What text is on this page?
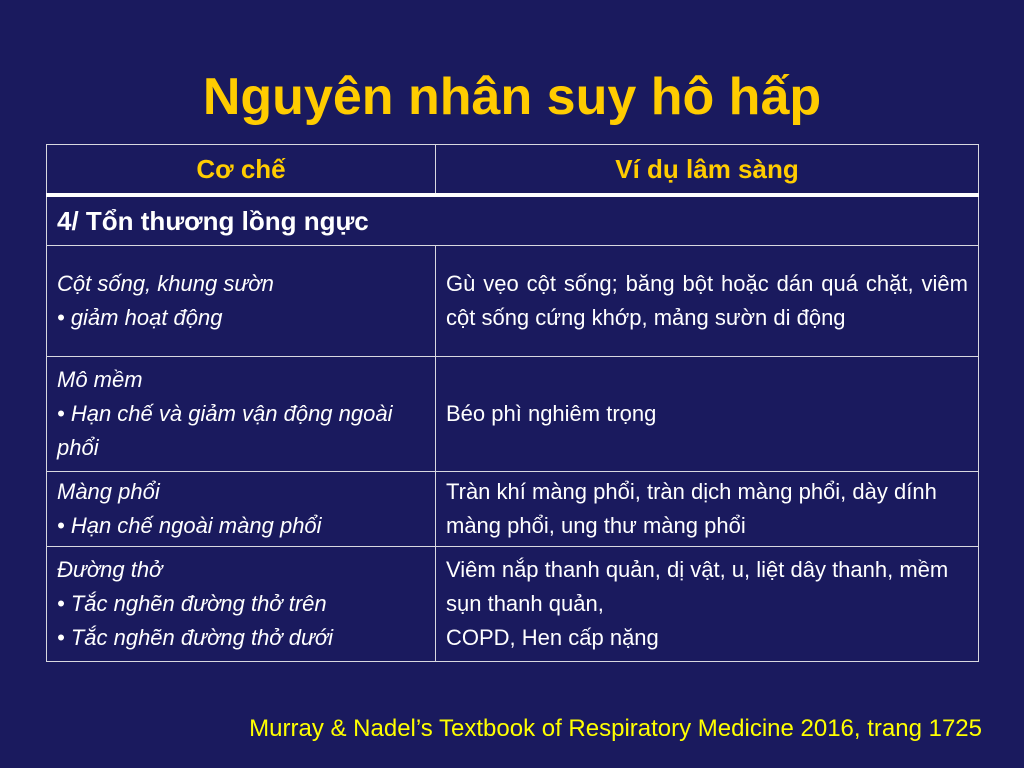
Nguyên nhân suy hô hấp
Cơ chế	Ví dụ lâm sàng
4/ Tổn thương lồng ngực	

Cột sống, khung sườn
• giảm hoạt động	Gù vẹo cột sống; băng bột hoặc dán quá chặt, viêm cột sống cứng khớp, mảng sườn di động

Mô mềm
• Hạn chế và giảm vận động ngoài phổi	Béo phì nghiêm trọng

Màng phổi
• Hạn chế ngoài màng phổi	Tràn khí màng phổi, tràn dịch màng phổi, dày dính màng phổi, ung thư màng phổi

Đường thở
• Tắc nghẽn đường thở trên
• Tắc nghẽn đường thở dưới	Viêm nắp thanh quản, dị vật, u, liệt dây thanh, mềm sụn thanh quản,
COPD, Hen cấp nặng
Murray & Nadel’s Textbook of Respiratory Medicine 2016, trang 1725
